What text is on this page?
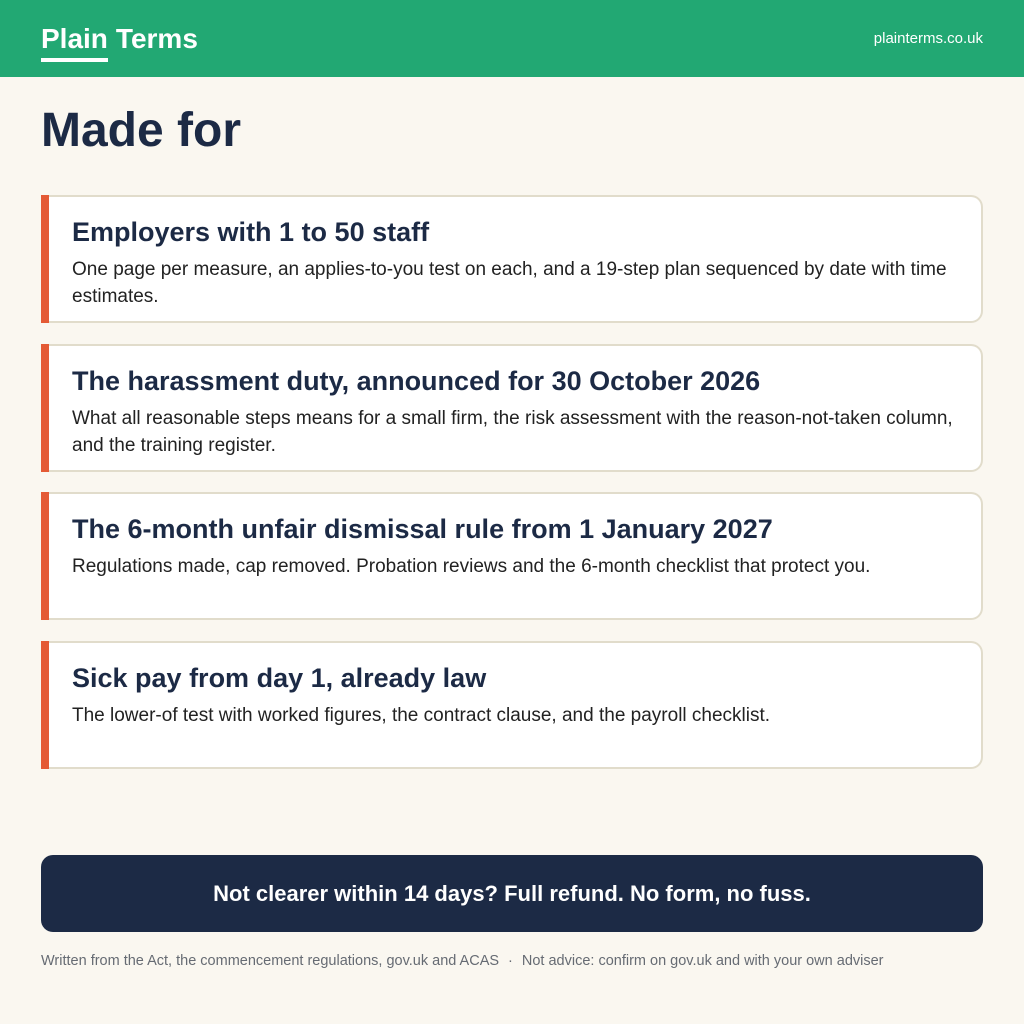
Plain Terms	plainterms.co.uk
Made for
Employers with 1 to 50 staff

One page per measure, an applies-to-you test on each, and a 19-step plan sequenced by date with time estimates.

The harassment duty, announced for 30 October 2026

What all reasonable steps means for a small firm, the risk assessment with the reason-not-taken column, and the training register.

The 6-month unfair dismissal rule from 1 January 2027

Regulations made, cap removed. Probation reviews and the 6-month checklist that protect you.

Sick pay from day 1, already law

The lower-of test with worked figures, the contract clause, and the payroll checklist.

Not clearer within 14 days? Full refund. No form, no fuss.
Written from the Act, the commencement regulations, gov.uk and ACAS · Not advice: confirm on gov.uk and with your own adviser
